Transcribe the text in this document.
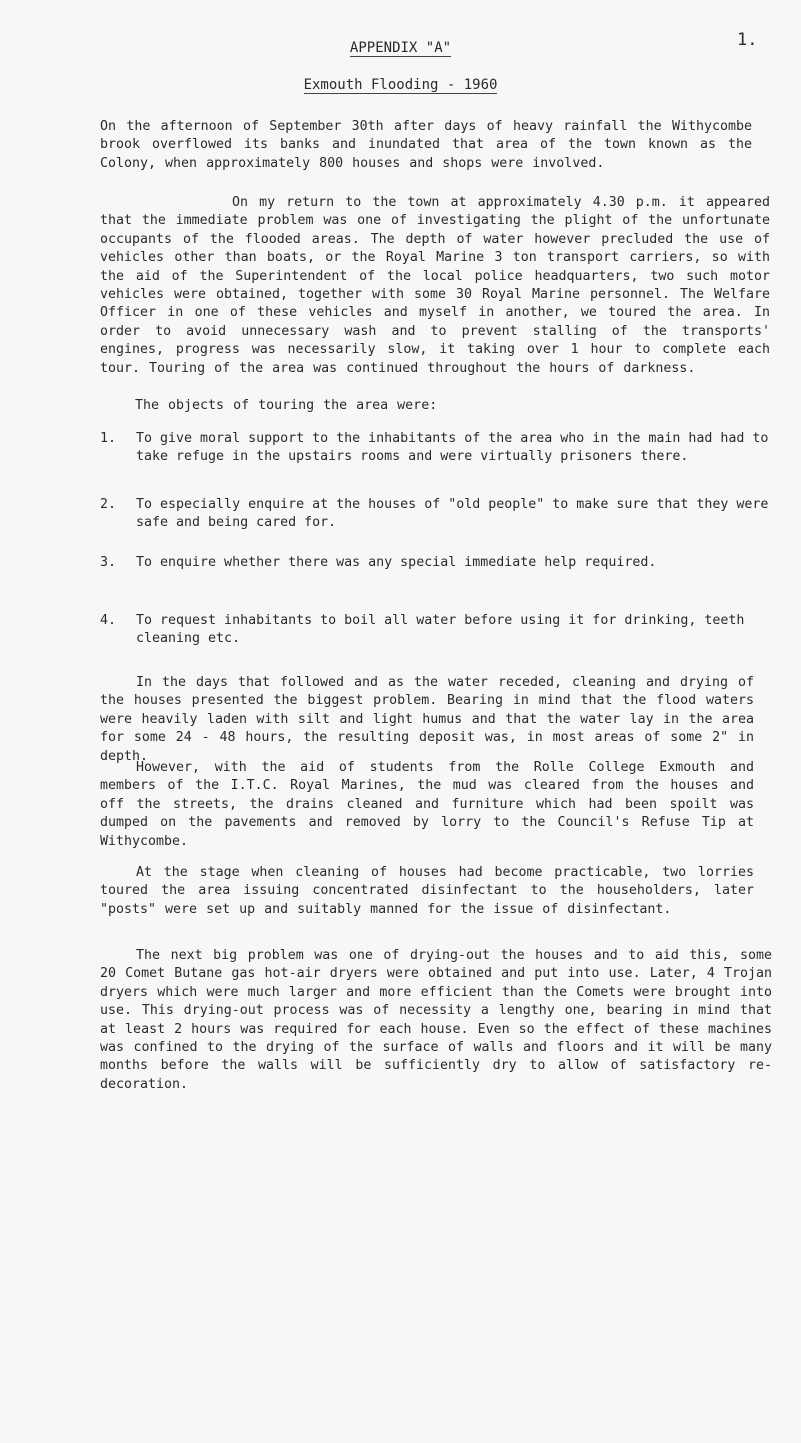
1.
APPENDIX "A"
Exmouth Flooding - 1960

On the afternoon of September 30th after days of heavy rainfall the Withycombe brook overflowed its banks and inundated that area of the town known as the Colony, when approximately 800 houses and shops were involved.

On my return to the town at approximately 4.30 p.m. it appeared that the immediate problem was one of investigating the plight of the unfortunate occupants of the flooded areas. The depth of water however precluded the use of vehicles other than boats, or the Royal Marine 3 ton transport carriers, so with the aid of the Superintendent of the local police headquarters, two such motor vehicles were obtained, together with some 30 Royal Marine personnel. The Welfare Officer in one of these vehicles and myself in another, we toured the area. In order to avoid unnecessary wash and to prevent stalling of the transports' engines, progress was necessarily slow, it taking over 1 hour to complete each tour. Touring of the area was continued throughout the hours of darkness.

The objects of touring the area were:

1. To give moral support to the inhabitants of the area who in the main had had to take refuge in the upstairs rooms and were virtually prisoners there.

2. To especially enquire at the houses of "old people" to make sure that they were safe and being cared for.

3. To enquire whether there was any special immediate help required.

4. To request inhabitants to boil all water before using it for drinking, teeth cleaning etc.

In the days that followed and as the water receded, cleaning and drying of the houses presented the biggest problem. Bearing in mind that the flood waters were heavily laden with silt and light humus and that the water lay in the area for some 24 - 48 hours, the resulting deposit was, in most areas of some 2" in depth.

However, with the aid of students from the Rolle College Exmouth and members of the I.T.C. Royal Marines, the mud was cleared from the houses and off the streets, the drains cleaned and furniture which had been spoilt was dumped on the pavements and removed by lorry to the Council's Refuse Tip at Withycombe.

At the stage when cleaning of houses had become practicable, two lorries toured the area issuing concentrated disinfectant to the householders, later "posts" were set up and suitably manned for the issue of disinfectant.

The next big problem was one of drying-out the houses and to aid this, some 20 Comet Butane gas hot-air dryers were obtained and put into use. Later, 4 Trojan dryers which were much larger and more efficient than the Comets were brought into use. This drying-out process was of necessity a lengthy one, bearing in mind that at least 2 hours was required for each house. Even so the effect of these machines was confined to the drying of the surface of walls and floors and it will be many months before the walls will be sufficiently dry to allow of satisfactory re-decoration.
